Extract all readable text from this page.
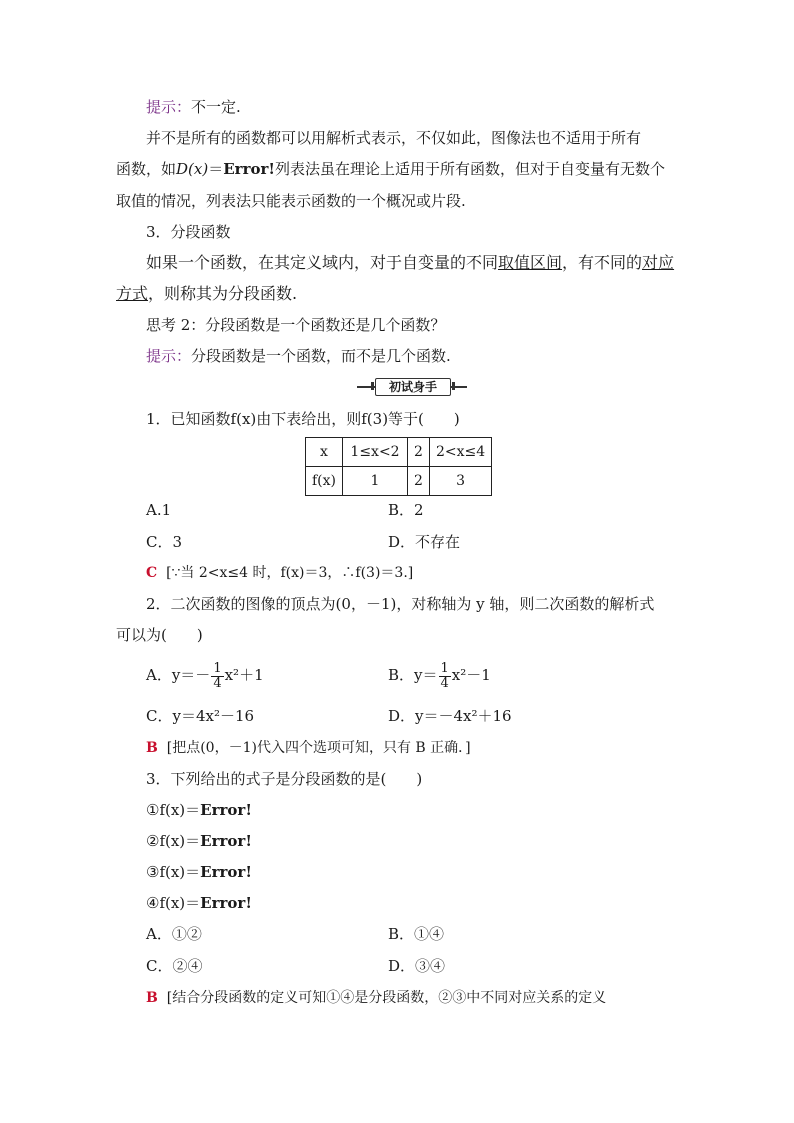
提示：不一定.
并不是所有的函数都可以用解析式表示，不仅如此，图像法也不适用于所有
函数，如D(x)＝Error!列表法虽在理论上适用于所有函数，但对于自变量有无数个
取值的情况，列表法只能表示函数的一个概况或片段.
3．分段函数
如果一个函数，在其定义域内，对于自变量的不同取值区间，有不同的对应
方式，则称其为分段函数.
思考 2：分段函数是一个函数还是几个函数？
提示：分段函数是一个函数，而不是几个函数.
初试身手
1．已知函数f(x)由下表给出，则f(3)等于(　　)
x	1≤x<2	2	2<x≤4
f(x)	1	2	3
A.1	B．2
C．3	D．不存在
C [∵当 2<x≤4 时，f(x)＝3，∴f(3)＝3.]
2．二次函数的图像的顶点为(0，－1)，对称轴为 y 轴，则二次函数的解析式
可以为(　　)
A．$y=- \frac{1}{4} x^2+1$	B．$y= \frac{1}{4} x^2-1$
C．y＝4x²－16	D．y＝－4x²＋16
B [把点(0，－1)代入四个选项可知，只有 B 正确．]
3．下列给出的式子是分段函数的是(　　)
①f(x)＝Error!
②f(x)＝Error!
③f(x)＝Error!
④f(x)＝Error!
A．①②	B．①④
C．②④	D．③④
B [结合分段函数的定义可知①④是分段函数，②③中不同对应关系的定义
